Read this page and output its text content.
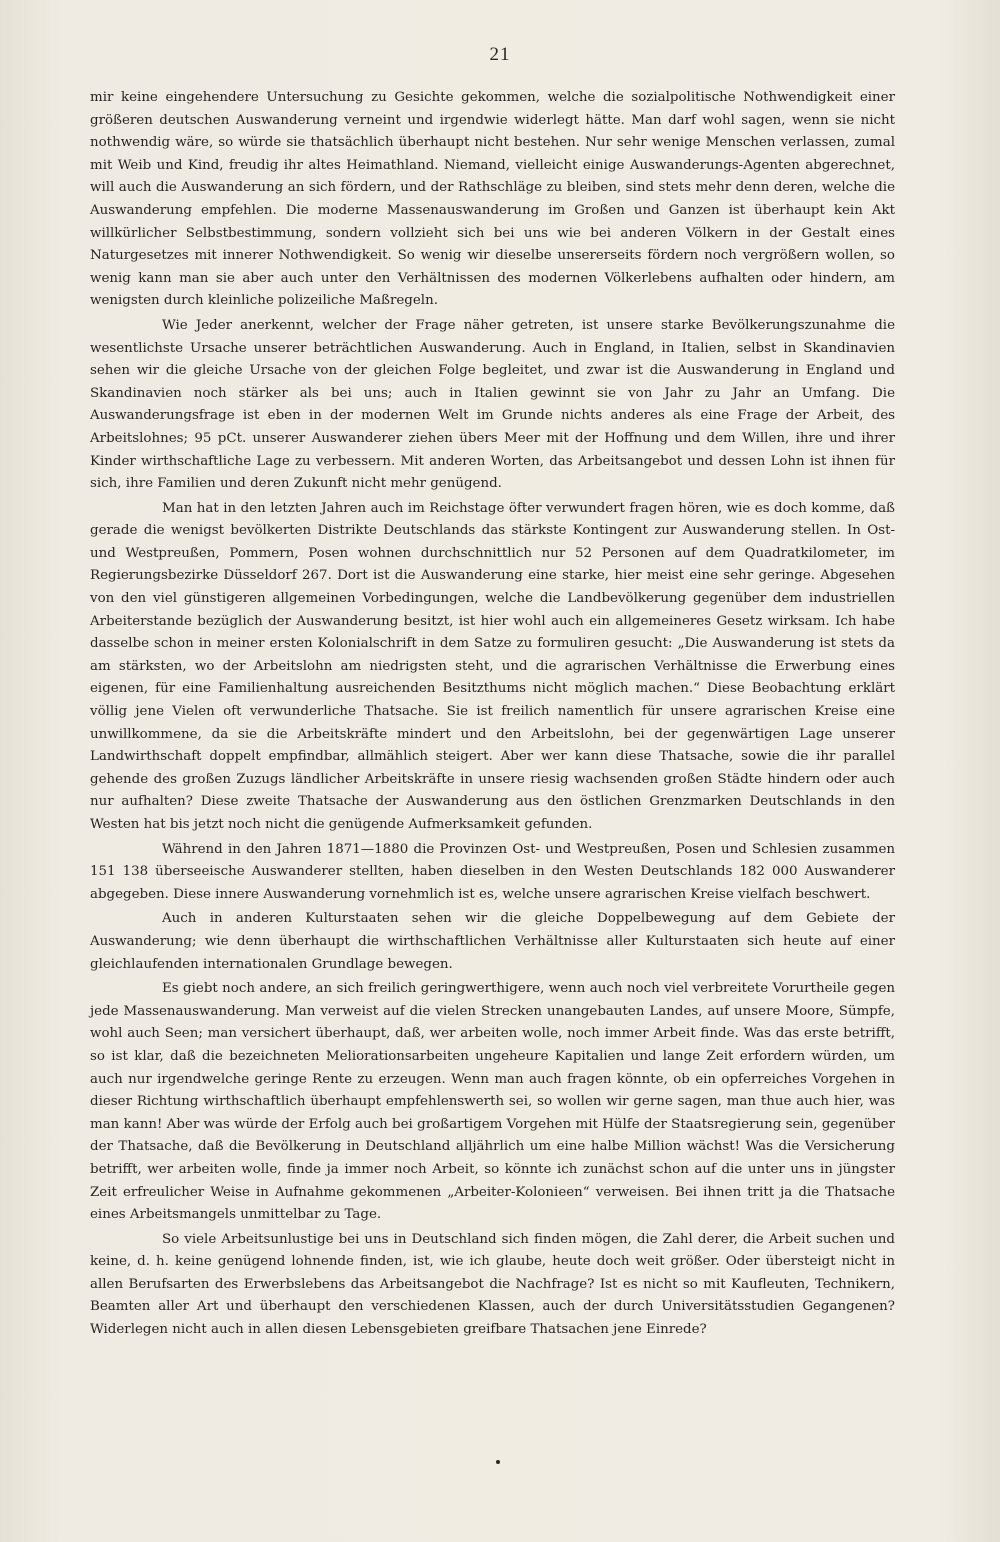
21

mir keine eingehendere Untersuchung zu Gesichte gekommen, welche die sozialpolitische Nothwendigkeit einer größeren deutschen Auswanderung verneint und irgendwie widerlegt hätte. Man darf wohl sagen, wenn sie nicht nothwendig wäre, so würde sie thatsächlich überhaupt nicht bestehen. Nur sehr wenige Menschen verlassen, zumal mit Weib und Kind, freudig ihr altes Heimathland. Niemand, vielleicht einige Auswanderungs-Agenten abgerechnet, will auch die Auswanderung an sich fördern, und der Rathschläge zu bleiben, sind stets mehr denn deren, welche die Auswanderung empfehlen. Die moderne Massenauswanderung im Großen und Ganzen ist überhaupt kein Akt willkürlicher Selbstbestimmung, sondern vollzieht sich bei uns wie bei anderen Völkern in der Gestalt eines Naturgesetzes mit innerer Nothwendigkeit. So wenig wir dieselbe unsererseits fördern noch vergrößern wollen, so wenig kann man sie aber auch unter den Verhältnissen des modernen Völkerlebens aufhalten oder hindern, am wenigsten durch kleinliche polizeiliche Maßregeln.

Wie Jeder anerkennt, welcher der Frage näher getreten, ist unsere starke Bevölkerungszunahme die wesentlichste Ursache unserer beträchtlichen Auswanderung. Auch in England, in Italien, selbst in Skandinavien sehen wir die gleiche Ursache von der gleichen Folge begleitet, und zwar ist die Auswanderung in England und Skandinavien noch stärker als bei uns; auch in Italien gewinnt sie von Jahr zu Jahr an Umfang. Die Auswanderungsfrage ist eben in der modernen Welt im Grunde nichts anderes als eine Frage der Arbeit, des Arbeitslohnes; 95 pCt. unserer Auswanderer ziehen übers Meer mit der Hoffnung und dem Willen, ihre und ihrer Kinder wirthschaftliche Lage zu verbessern. Mit anderen Worten, das Arbeitsangebot und dessen Lohn ist ihnen für sich, ihre Familien und deren Zukunft nicht mehr genügend.

Man hat in den letzten Jahren auch im Reichstage öfter verwundert fragen hören, wie es doch komme, daß gerade die wenigst bevölkerten Distrikte Deutschlands das stärkste Kontingent zur Auswanderung stellen. In Ost- und Westpreußen, Pommern, Posen wohnen durchschnittlich nur 52 Personen auf dem Quadratkilometer, im Regierungsbezirke Düsseldorf 267. Dort ist die Auswanderung eine starke, hier meist eine sehr geringe. Abgesehen von den viel günstigeren allgemeinen Vorbedingungen, welche die Landbevölkerung gegenüber dem industriellen Arbeiterstande bezüglich der Auswanderung besitzt, ist hier wohl auch ein allgemeineres Gesetz wirksam. Ich habe dasselbe schon in meiner ersten Kolonialschrift in dem Satze zu formuliren gesucht: „Die Auswanderung ist stets da am stärksten, wo der Arbeitslohn am niedrigsten steht, und die agrarischen Verhältnisse die Erwerbung eines eigenen, für eine Familienhaltung ausreichenden Besitzthums nicht möglich machen.“ Diese Beobachtung erklärt völlig jene Vielen oft verwunderliche Thatsache. Sie ist freilich namentlich für unsere agrarischen Kreise eine unwillkommene, da sie die Arbeitskräfte mindert und den Arbeitslohn, bei der gegenwärtigen Lage unserer Landwirthschaft doppelt empfindbar, allmählich steigert. Aber wer kann diese Thatsache, sowie die ihr parallel gehende des großen Zuzugs ländlicher Arbeitskräfte in unsere riesig wachsenden großen Städte hindern oder auch nur aufhalten? Diese zweite Thatsache der Auswanderung aus den östlichen Grenzmarken Deutschlands in den Westen hat bis jetzt noch nicht die genügende Aufmerksamkeit gefunden.

Während in den Jahren 1871—1880 die Provinzen Ost- und Westpreußen, Posen und Schlesien zusammen 151 138 überseeische Auswanderer stellten, haben dieselben in den Westen Deutschlands 182 000 Auswanderer abgegeben. Diese innere Auswanderung vornehmlich ist es, welche unsere agrarischen Kreise vielfach beschwert.

Auch in anderen Kulturstaaten sehen wir die gleiche Doppelbewegung auf dem Gebiete der Auswanderung; wie denn überhaupt die wirthschaftlichen Verhältnisse aller Kulturstaaten sich heute auf einer gleichlaufenden internationalen Grundlage bewegen.

Es giebt noch andere, an sich freilich geringwerthigere, wenn auch noch viel verbreitete Vorurtheile gegen jede Massenauswanderung. Man verweist auf die vielen Strecken unangebauten Landes, auf unsere Moore, Sümpfe, wohl auch Seen; man versichert überhaupt, daß, wer arbeiten wolle, noch immer Arbeit finde. Was das erste betrifft, so ist klar, daß die bezeichneten Meliorationsarbeiten ungeheure Kapitalien und lange Zeit erfordern würden, um auch nur irgendwelche geringe Rente zu erzeugen. Wenn man auch fragen könnte, ob ein opferreiches Vorgehen in dieser Richtung wirthschaftlich überhaupt empfehlenswerth sei, so wollen wir gerne sagen, man thue auch hier, was man kann! Aber was würde der Erfolg auch bei großartigem Vorgehen mit Hülfe der Staatsregierung sein, gegenüber der Thatsache, daß die Bevölkerung in Deutschland alljährlich um eine halbe Million wächst! Was die Versicherung betrifft, wer arbeiten wolle, finde ja immer noch Arbeit, so könnte ich zunächst schon auf die unter uns in jüngster Zeit erfreulicher Weise in Aufnahme gekommenen „Arbeiter-Kolonieen“ verweisen. Bei ihnen tritt ja die Thatsache eines Arbeitsmangels unmittelbar zu Tage.

So viele Arbeitsunlustige bei uns in Deutschland sich finden mögen, die Zahl derer, die Arbeit suchen und keine, d. h. keine genügend lohnende finden, ist, wie ich glaube, heute doch weit größer. Oder übersteigt nicht in allen Berufsarten des Erwerbslebens das Arbeitsangebot die Nachfrage? Ist es nicht so mit Kaufleuten, Technikern, Beamten aller Art und überhaupt den verschiedenen Klassen, auch der durch Universitätsstudien Gegangenen? Widerlegen nicht auch in allen diesen Lebensgebieten greifbare Thatsachen jene Einrede?
